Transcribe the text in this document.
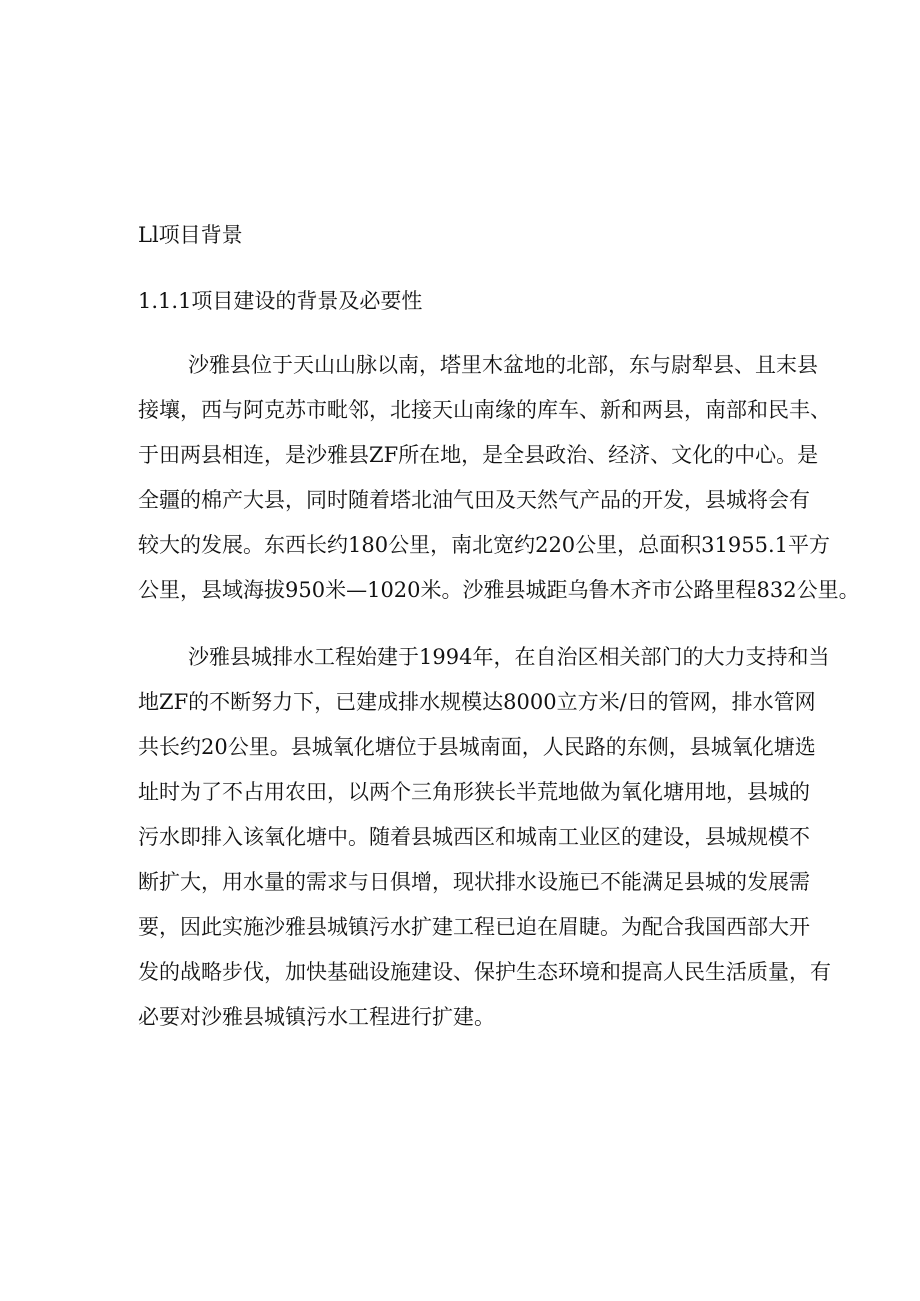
Ll项目背景
1.1.1项目建设的背景及必要性

沙雅县位于天山山脉以南，塔里木盆地的北部，东与尉犁县、且末县
接壤，西与阿克苏市毗邻，北接天山南缘的库车、新和两县，南部和民丰、
于田两县相连，是沙雅县ZF所在地，是全县政治、经济、文化的中心。是
全疆的棉产大县，同时随着塔北油气田及天然气产品的开发，县城将会有
较大的发展。东西长约180公里，南北宽约220公里，总面积31955.1平方
公里，县域海拔950米—1020米。沙雅县城距乌鲁木齐市公路里程832公里。

沙雅县城排水工程始建于1994年，在自治区相关部门的大力支持和当
地ZF的不断努力下，已建成排水规模达8000立方米/日的管网，排水管网
共长约20公里。县城氧化塘位于县城南面，人民路的东侧，县城氧化塘选
址时为了不占用农田，以两个三角形狭长半荒地做为氧化塘用地，县城的
污水即排入该氧化塘中。随着县城西区和城南工业区的建设，县城规模不
断扩大，用水量的需求与日俱增，现状排水设施已不能满足县城的发展需
要，因此实施沙雅县城镇污水扩建工程已迫在眉睫。为配合我国西部大开
发的战略步伐，加快基础设施建设、保护生态环境和提高人民生活质量，有
必要对沙雅县城镇污水工程进行扩建。
